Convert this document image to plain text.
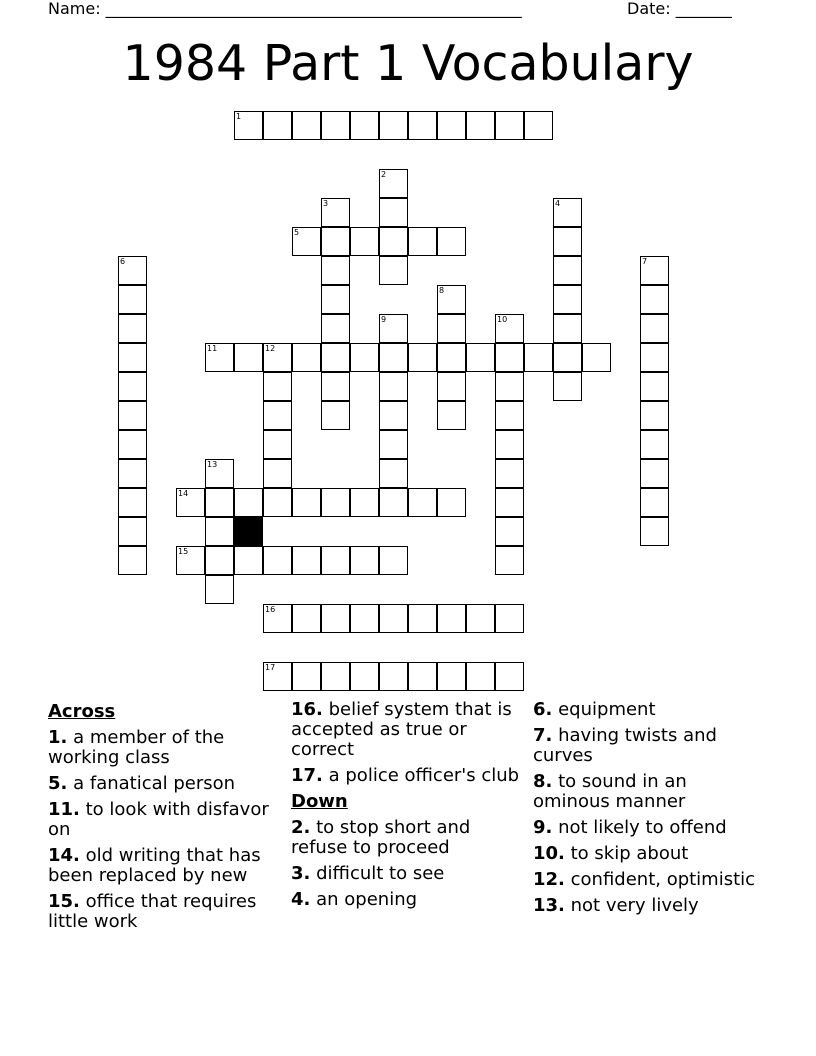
Name: ____________________________________________________	Date: _______
1984 Part 1 Vocabulary
1
2
3	4
5
6	7
8
9	10
11	12
13
14
15
16
17
Across
1. a member of the working class
5. a fanatical person
11. to look with disfavor on
14. old writing that has been replaced by new
15. office that requires little work
16. belief system that is accepted as true or correct
17. a police officer's club
Down
2. to stop short and refuse to proceed
3. difficult to see
4. an opening
6. equipment
7. having twists and curves
8. to sound in an ominous manner
9. not likely to offend
10. to skip about
12. confident, optimistic
13. not very lively
